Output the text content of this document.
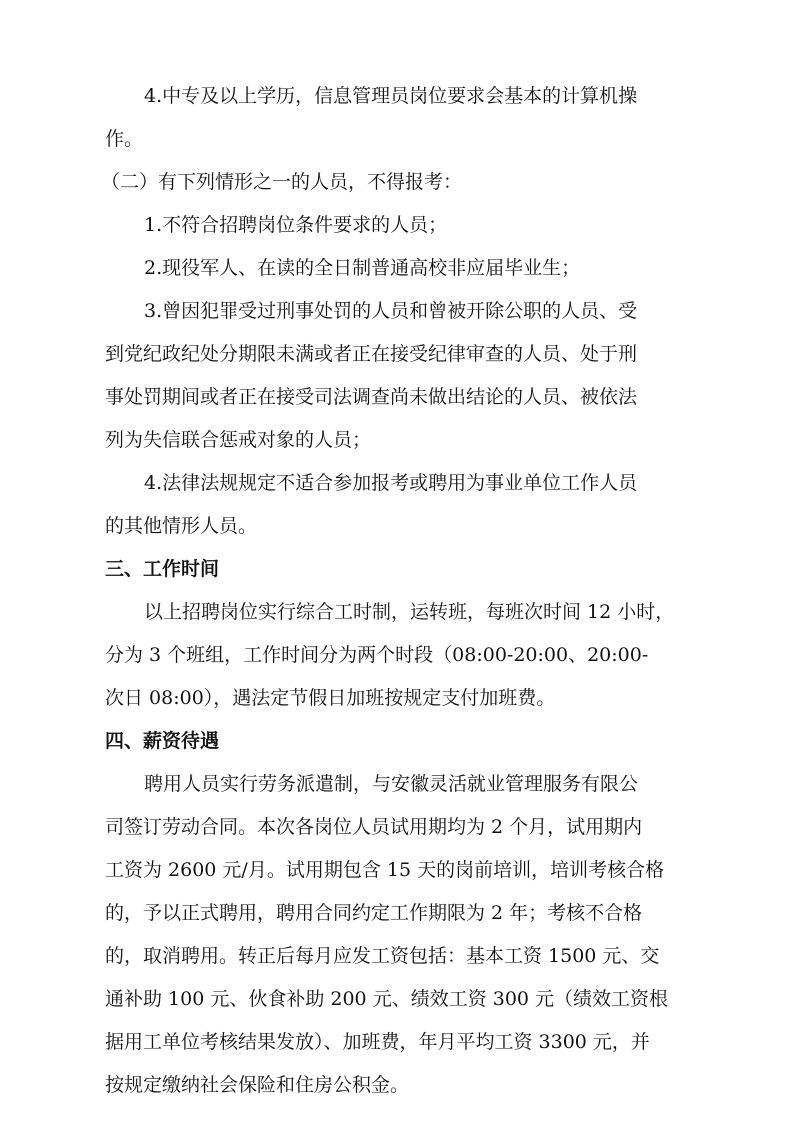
4.中专及以上学历，信息管理员岗位要求会基本的计算机操
作。
（二）有下列情形之一的人员，不得报考：
1.不符合招聘岗位条件要求的人员；
2.现役军人、在读的全日制普通高校非应届毕业生；
3.曾因犯罪受过刑事处罚的人员和曾被开除公职的人员、受
到党纪政纪处分期限未满或者正在接受纪律审查的人员、处于刑
事处罚期间或者正在接受司法调查尚未做出结论的人员、被依法
列为失信联合惩戒对象的人员；
4.法律法规规定不适合参加报考或聘用为事业单位工作人员
的其他情形人员。
三、工作时间
以上招聘岗位实行综合工时制，运转班，每班次时间 12 小时，
分为 3 个班组，工作时间分为两个时段（08:00-20:00、20:00-
次日 08:00），遇法定节假日加班按规定支付加班费。
四、薪资待遇
聘用人员实行劳务派遣制，与安徽灵活就业管理服务有限公
司签订劳动合同。本次各岗位人员试用期均为 2 个月，试用期内
工资为 2600 元/月。试用期包含 15 天的岗前培训，培训考核合格
的，予以正式聘用，聘用合同约定工作期限为 2 年；考核不合格
的，取消聘用。转正后每月应发工资包括：基本工资 1500 元、交
通补助 100 元、伙食补助 200 元、绩效工资 300 元（绩效工资根
据用工单位考核结果发放）、加班费，年月平均工资 3300 元，并
按规定缴纳社会保险和住房公积金。
